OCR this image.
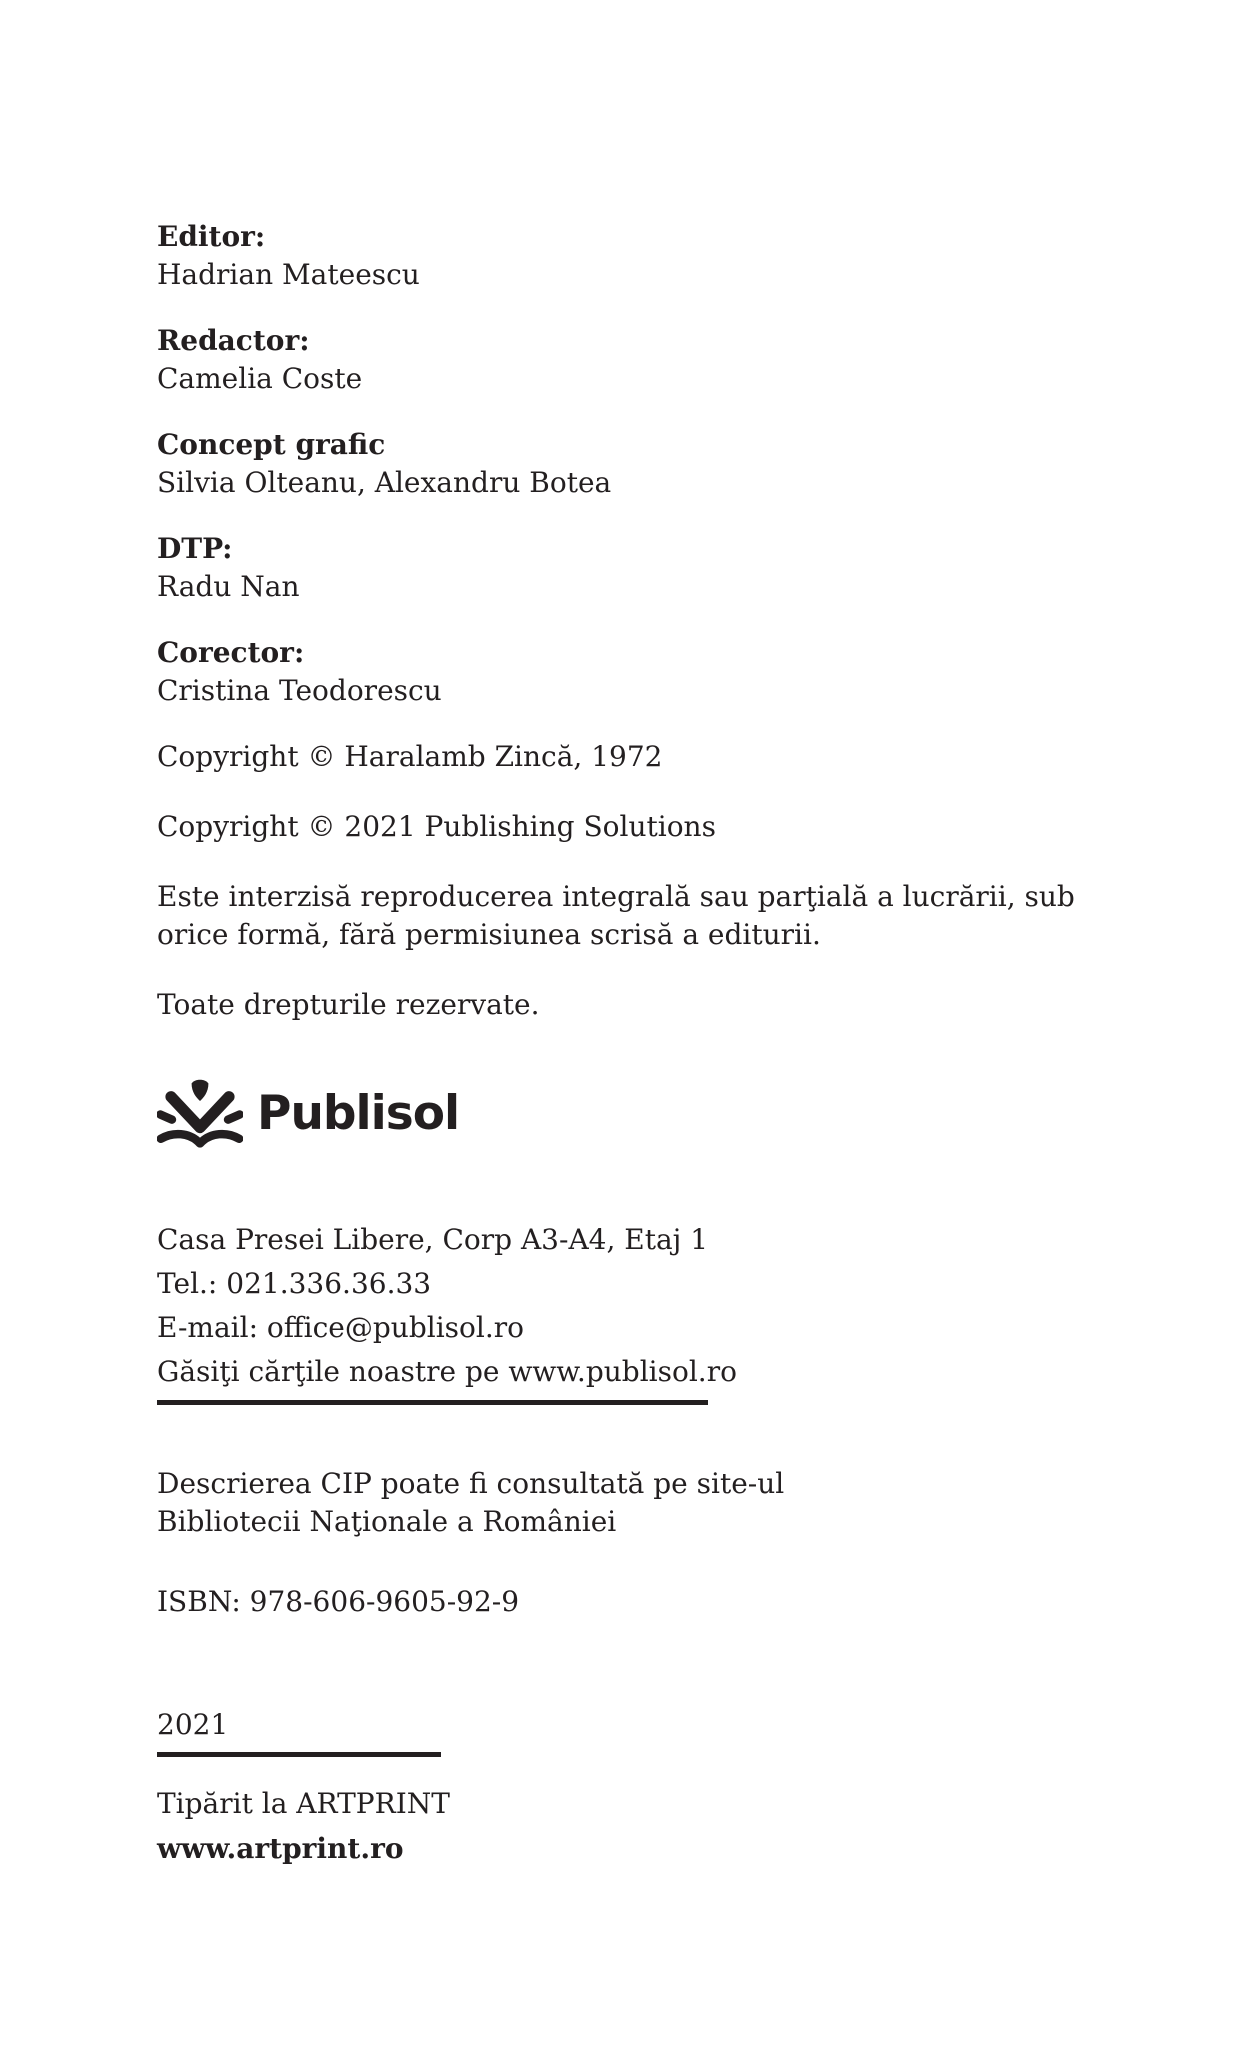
Editor:
Hadrian Mateescu
Redactor:
Camelia Coste
Concept grafic
Silvia Olteanu, Alexandru Botea
DTP:
Radu Nan
Corector:
Cristina Teodorescu

Copyright © Haralamb Zincă, 1972

Copyright © 2021 Publishing Solutions

Este interzisă reproducerea integrală sau parţială a lucrării, sub
orice formă, fără permisiunea scrisă a editurii.

Toate drepturile rezervate.

Publisol
Casa Presei Libere, Corp A3-A4, Etaj 1
Tel.: 021.336.36.33
E-mail: office@publisol.ro
Găsiţi cărţile noastre pe www.publisol.ro

Descrierea CIP poate fi consultată pe site-ul
Bibliotecii Naţionale a României

ISBN: 978-606-9605-92-9

2021

Tipărit la ARTPRINT
www.artprint.ro
